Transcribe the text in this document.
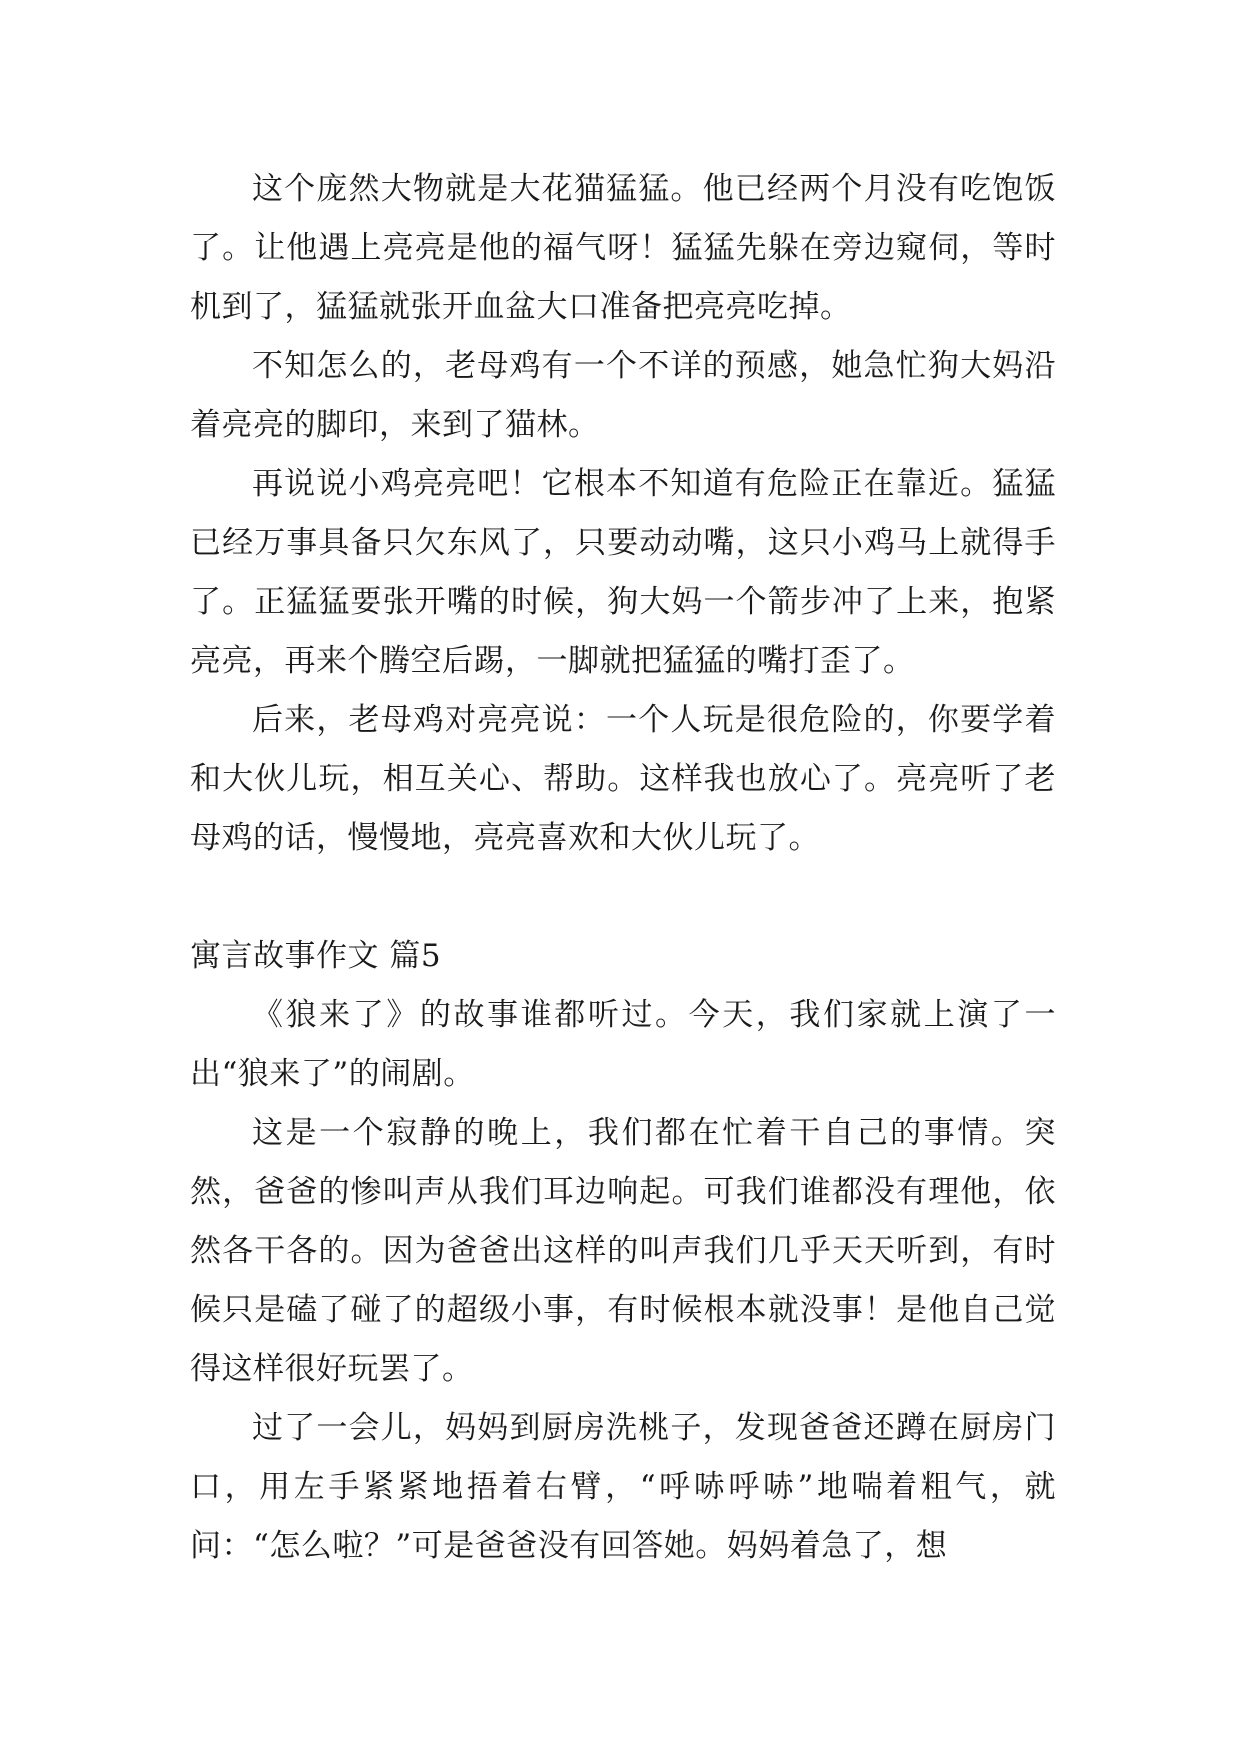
这个庞然大物就是大花猫猛猛。他已经两个月没有吃饱饭了。让他遇上亮亮是他的福气呀！猛猛先躲在旁边窥伺，等时机到了，猛猛就张开血盆大口准备把亮亮吃掉。

不知怎么的，老母鸡有一个不详的预感，她急忙狗大妈沿着亮亮的脚印，来到了猫林。

再说说小鸡亮亮吧！它根本不知道有危险正在靠近。猛猛已经万事具备只欠东风了，只要动动嘴，这只小鸡马上就得手了。正猛猛要张开嘴的时候，狗大妈一个箭步冲了上来，抱紧亮亮，再来个腾空后踢，一脚就把猛猛的嘴打歪了。

后来，老母鸡对亮亮说：一个人玩是很危险的，你要学着和大伙儿玩，相互关心、帮助。这样我也放心了。亮亮听了老母鸡的话，慢慢地，亮亮喜欢和大伙儿玩了。

寓言故事作文 篇5

《狼来了》的故事谁都听过。今天，我们家就上演了一出“狼来了”的闹剧。

这是一个寂静的晚上，我们都在忙着干自己的事情。突然，爸爸的惨叫声从我们耳边响起。可我们谁都没有理他，依然各干各的。因为爸爸出这样的叫声我们几乎天天听到，有时候只是磕了碰了的超级小事，有时候根本就没事！是他自己觉得这样很好玩罢了。

过了一会儿，妈妈到厨房洗桃子，发现爸爸还蹲在厨房门口，用左手紧紧地捂着右臂，“呼哧呼哧”地喘着粗气，就问：“怎么啦？”可是爸爸没有回答她。妈妈着急了，想
